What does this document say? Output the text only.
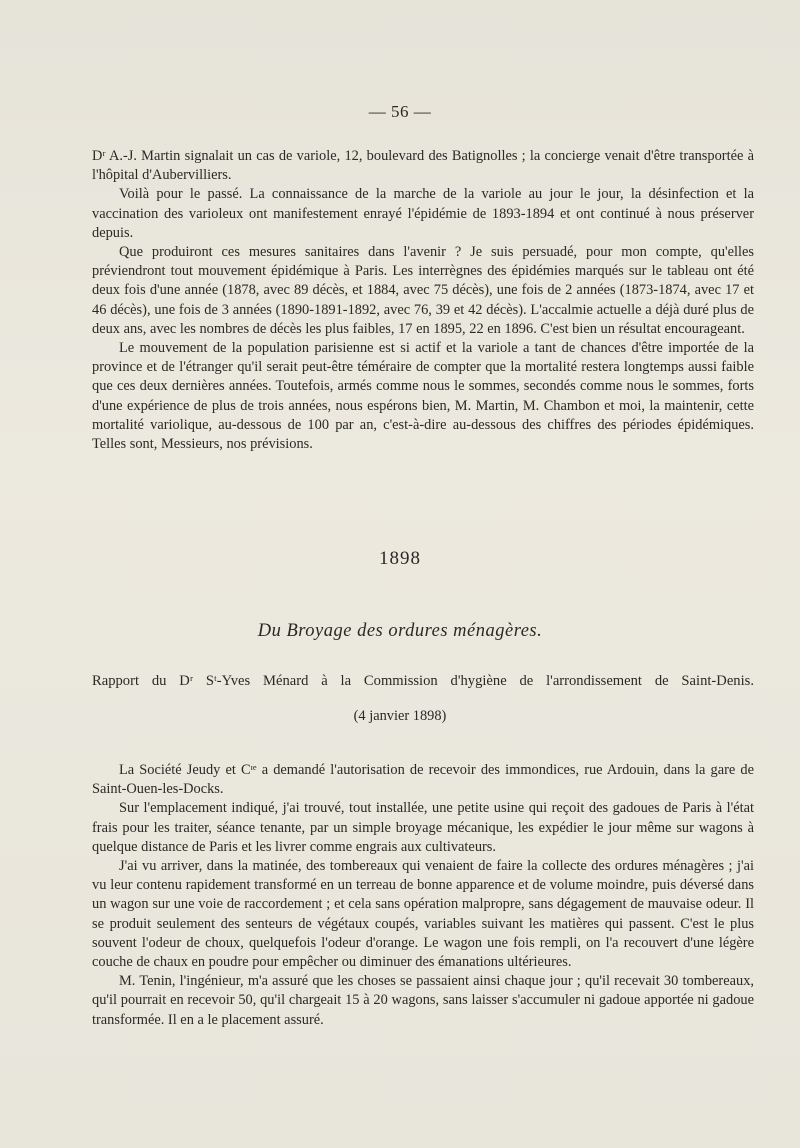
— 56 —

Dʳ A.-J. Martin signalait un cas de variole, 12, boulevard des Batignolles ; la concierge venait d'être transportée à l'hôpital d'Aubervilliers.

Voilà pour le passé. La connaissance de la marche de la variole au jour le jour, la désinfection et la vaccination des varioleux ont manifestement enrayé l'épidémie de 1893-1894 et ont continué à nous préserver depuis.

Que produiront ces mesures sanitaires dans l'avenir ? Je suis persuadé, pour mon compte, qu'elles préviendront tout mouvement épidémique à Paris. Les interrègnes des épidémies marqués sur le tableau ont été deux fois d'une année (1878, avec 89 décès, et 1884, avec 75 décès), une fois de 2 années (1873-1874, avec 17 et 46 décès), une fois de 3 années (1890-1891-1892, avec 76, 39 et 42 décès). L'accalmie actuelle a déjà duré plus de deux ans, avec les nombres de décès les plus faibles, 17 en 1895, 22 en 1896. C'est bien un résultat encourageant.

Le mouvement de la population parisienne est si actif et la variole a tant de chances d'être importée de la province et de l'étranger qu'il serait peut-être téméraire de compter que la mortalité restera longtemps aussi faible que ces deux dernières années. Toutefois, armés comme nous le sommes, secondés comme nous le sommes, forts d'une expérience de plus de trois années, nous espérons bien, M. Martin, M. Chambon et moi, la maintenir, cette mortalité variolique, au-dessous de 100 par an, c'est-à-dire au-dessous des chiffres des périodes épidémiques. Telles sont, Messieurs, nos prévisions.

1898
Du Broyage des ordures ménagères.
Rapport du Dʳ Sᵗ-Yves Ménard à la Commission d'hygiène de l'arrondissement de Saint-Denis.
(4 janvier 1898)

La Société Jeudy et Cᶦᵉ a demandé l'autorisation de recevoir des immondices, rue Ardouin, dans la gare de Saint-Ouen-les-Docks.

Sur l'emplacement indiqué, j'ai trouvé, tout installée, une petite usine qui reçoit des gadoues de Paris à l'état frais pour les traiter, séance tenante, par un simple broyage mécanique, les expédier le jour même sur wagons à quelque distance de Paris et les livrer comme engrais aux cultivateurs.

J'ai vu arriver, dans la matinée, des tombereaux qui venaient de faire la collecte des ordures ménagères ; j'ai vu leur contenu rapidement transformé en un terreau de bonne apparence et de volume moindre, puis déversé dans un wagon sur une voie de raccordement ; et cela sans opération malpropre, sans dégagement de mauvaise odeur. Il se produit seulement des senteurs de végétaux coupés, variables suivant les matières qui passent. C'est le plus souvent l'odeur de choux, quelquefois l'odeur d'orange. Le wagon une fois rempli, on l'a recouvert d'une légère couche de chaux en poudre pour empêcher ou diminuer des émanations ultérieures.

M. Tenin, l'ingénieur, m'a assuré que les choses se passaient ainsi chaque jour ; qu'il recevait 30 tombereaux, qu'il pourrait en recevoir 50, qu'il chargeait 15 à 20 wagons, sans laisser s'accumuler ni gadoue apportée ni gadoue transformée. Il en a le placement assuré.
